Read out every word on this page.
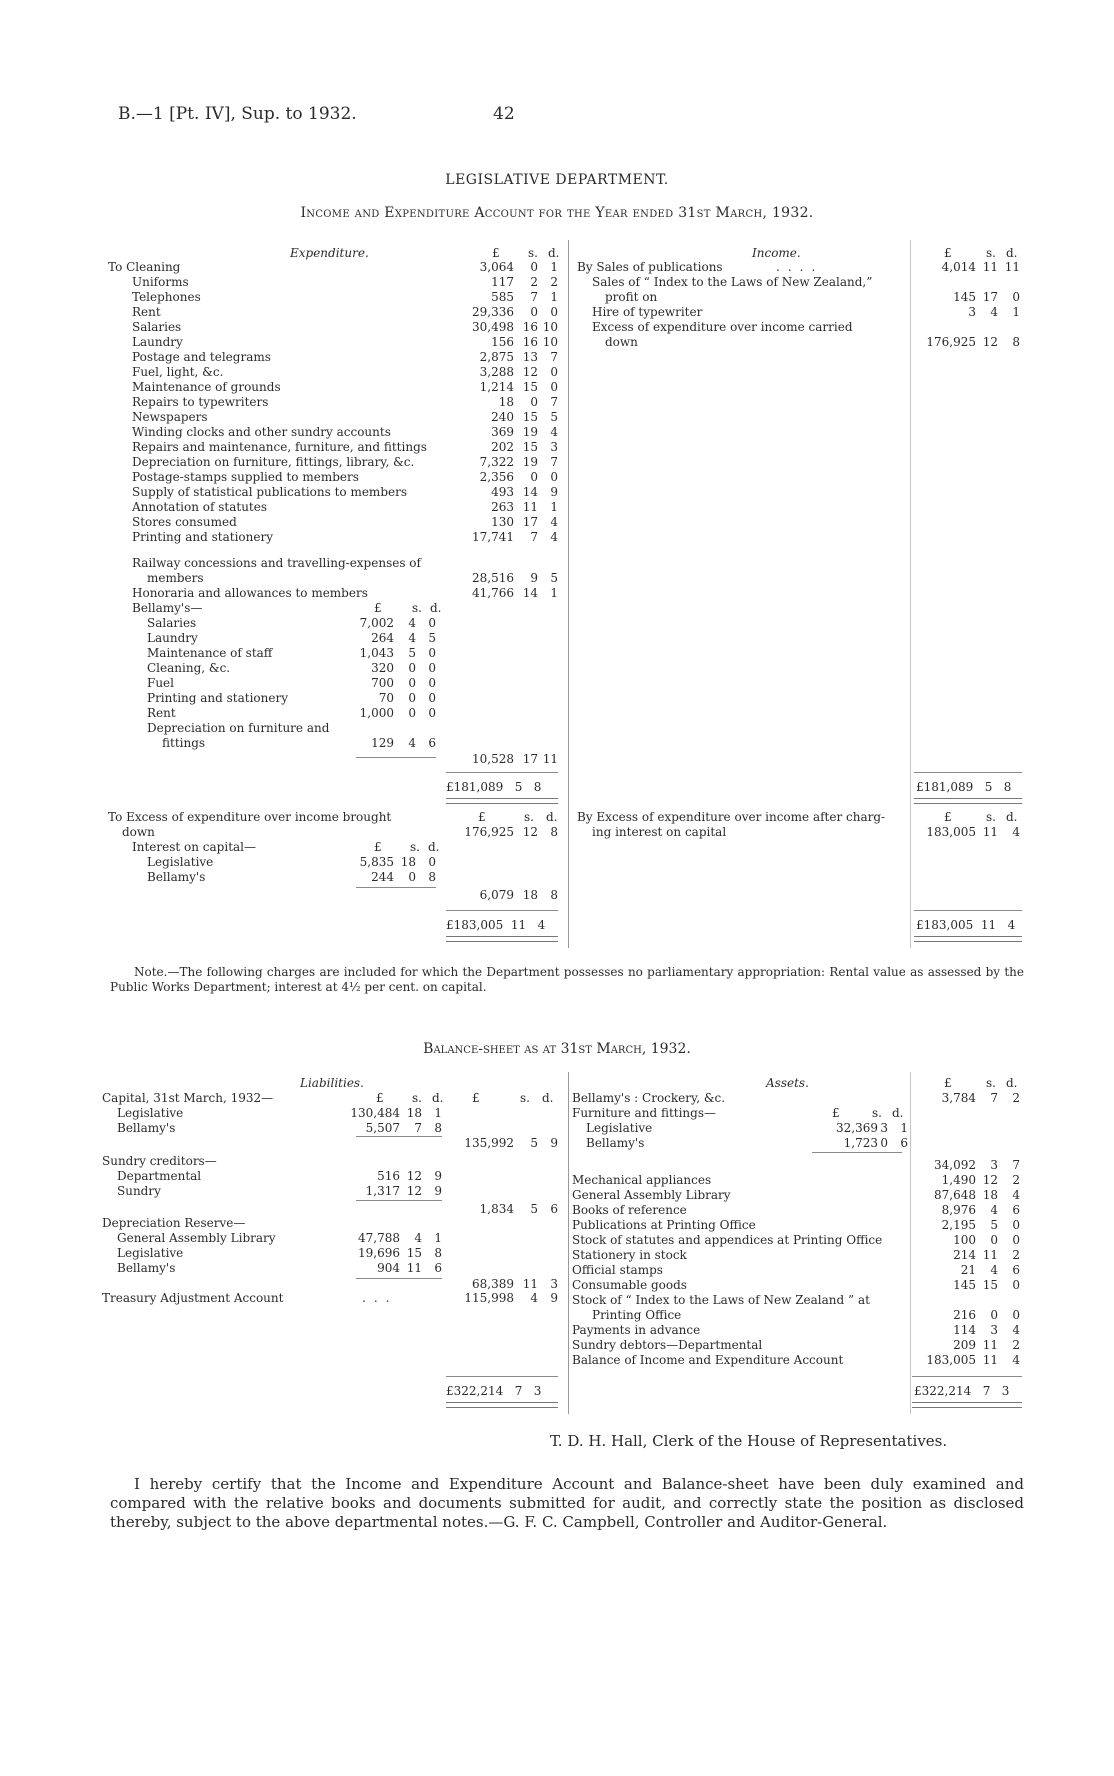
B.—1 [Pt. IV], Sup. to 1932.	42
LEGISLATIVE DEPARTMENT.
Income and Expenditure Account for the Year ended 31st March, 1932.
Expenditure.	£ s. d.	Income.	£	s. d.
To Cleaning	3,064	0	1
Uniforms	117	2	2
Telephones	585	7	1
Rent	29,336	0	0
Salaries	30,498 16 10
Laundry	156 16 10
Postage and telegrams	2,875 13	7
Fuel, light, &c.	3,288 12	0
Maintenance of grounds	1,214 15	0
Repairs to typewriters	18	0	7
Newspapers	240 15	5
Winding clocks and other sundry accounts	369 19	4
Repairs and maintenance, furniture, and fittings	202 15	3
Depreciation on furniture, fittings, library, &c.	7,322 19	7
Postage-stamps supplied to members	2,356	0	0
Supply of statistical publications to members	493 14	9
Annotation of statutes	263 11	1
Stores consumed	130 17	4
Printing and stationery	17,741	7	4
Railway concessions and travelling-expenses of
members	28,516	9	5
Honoraria and allowances to members	41,766 14	1
Bellamy's—	£	s. d.
Salaries	7,002	4	0
Laundry	264	4	5
Maintenance of staff	1,043	5	0
Cleaning, &c.	320	0	0
Fuel	700	0	0
Printing and stationery	70	0	0
Rent	1,000	0	0
Depreciation on furniture and
fittings	129	4	6
10,528 17 11
£181,089   5   8
By Sales of publications	....	4,014 11 11
Sales of “ Index to the Laws of New Zealand,”
profit on	145 17	0
Hire of typewriter	3	4	1
Excess of expenditure over income carried
down	176,925 12	8
£181,089   5   8
To Excess of expenditure over income brought	£	s. d.
down	176,925 12	8
Interest on capital—	£ s. d.
Legislative	5,835 18	0
Bellamy's	244	0	8
6,079 18	8
£183,005  11   4
By Excess of expenditure over income after charg-	£	s. d.
ing interest on capital	183,005 11	4
£183,005  11   4
Note.—The following charges are included for which the Department possesses no parliamentary appropriation: Rental value as assessed by the Public Works Department; interest at 4½ per cent. on capital.
Balance-sheet as at 31st March, 1932.
Liabilities.	Assets.	£	s. d.
Capital, 31st March, 1932—	£ s. d. £	s. d.
Legislative	130,484 18	1
Bellamy's	5,507	7	8
135,992	5	9
Sundry creditors—
Departmental	516 12	9
Sundry	1,317 12	9
1,834	5	6
Depreciation Reserve—
General Assembly Library	47,788	4	1
Legislative	19,696 15	8
Bellamy's	904 11	6
68,389 11	3
Treasury Adjustment Account	...	115,998	4	9
£322,214   7   3
Bellamy's : Crockery, &c.	3,784	7	2
Furniture and fittings—	£	s. d.
Legislative	32,369 3	1
Bellamy's	1,723 0	6
34,092	3	7
Mechanical appliances	1,490 12	2
General Assembly Library	87,648 18	4
Books of reference	8,976	4	6
Publications at Printing Office	2,195	5	0
Stock of statutes and appendices at Printing Office	100	0	0
Stationery in stock	214 11	2
Official stamps	21	4	6
Consumable goods	145 15	0
Stock of “ Index to the Laws of New Zealand ” at
Printing Office	216	0	0
Payments in advance	114	3	4
Sundry debtors—Departmental	209 11	2
Balance of Income and Expenditure Account	183,005 11	4
£322,214   7   3
T. D. H. Hall, Clerk of the House of Representatives.
I hereby certify that the Income and Expenditure Account and Balance-sheet have been duly examined and compared with the relative books and documents submitted for audit, and correctly state the position as disclosed thereby, subject to the above departmental notes.—G. F. C. Campbell, Controller and Auditor-General.
